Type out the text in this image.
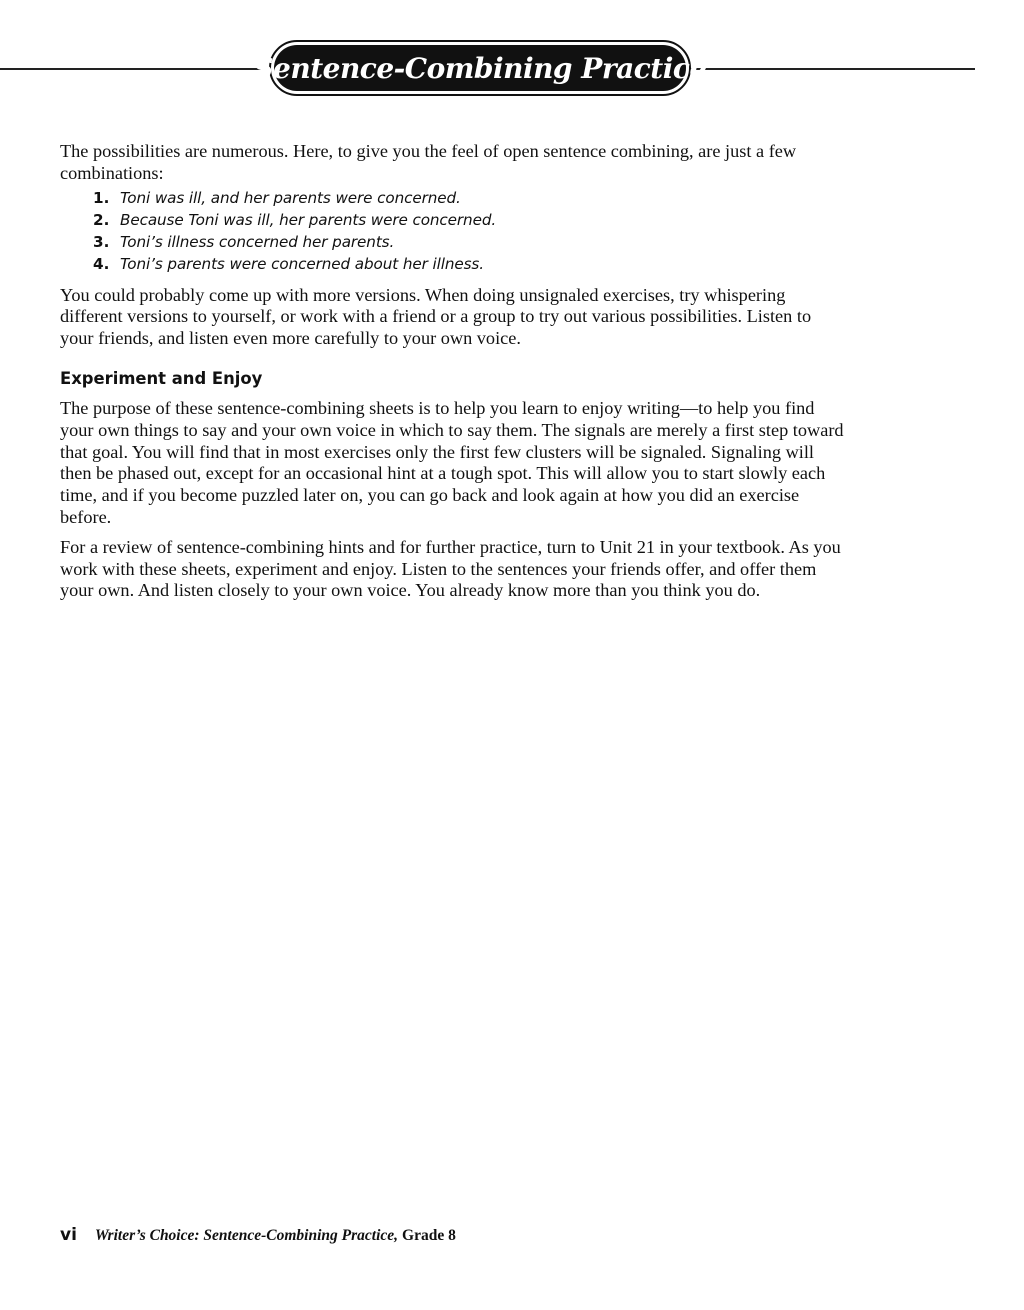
Sentence-Combining Practice

The possibilities are numerous. Here, to give you the feel of open sentence combining, are just a few combinations:

1. Toni was ill, and her parents were concerned.
2. Because Toni was ill, her parents were concerned.
3. Toni’s illness concerned her parents.
4. Toni’s parents were concerned about her illness.

You could probably come up with more versions. When doing unsignaled exercises, try whispering different versions to yourself, or work with a friend or a group to try out various possibilities. Listen to your friends, and listen even more carefully to your own voice.

Experiment and Enjoy

The purpose of these sentence-combining sheets is to help you learn to enjoy writing—to help you find your own things to say and your own voice in which to say them. The signals are merely a first step toward that goal. You will find that in most exercises only the first few clusters will be signaled. Signaling will then be phased out, except for an occasional hint at a tough spot. This will allow you to start slowly each time, and if you become puzzled later on, you can go back and look again at how you did an exercise before.

For a review of sentence-combining hints and for further practice, turn to Unit 21 in your textbook. As you work with these sheets, experiment and enjoy. Listen to the sentences your friends offer, and offer them your own. And listen closely to your own voice. You already know more than you think you do.

vi Writer’s Choice: Sentence-Combining Practice,
Grade 8
